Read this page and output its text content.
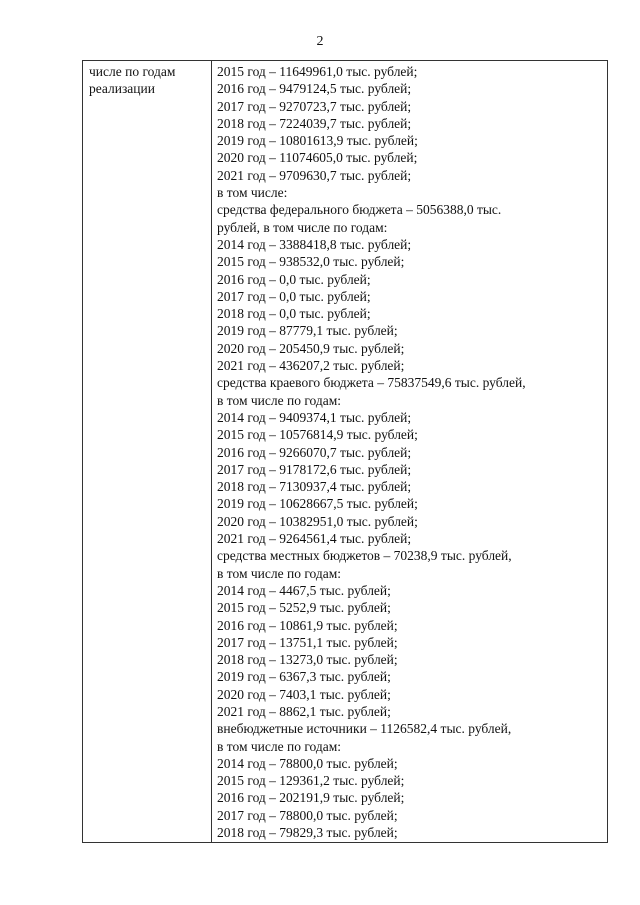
2
числе по годам
реализации
2015 год – 11649961,0 тыс. рублей;
2016 год – 9479124,5 тыс. рублей;
2017 год – 9270723,7 тыс. рублей;
2018 год – 7224039,7 тыс. рублей;
2019 год – 10801613,9 тыс. рублей;
2020 год – 11074605,0 тыс. рублей;
2021 год – 9709630,7 тыс. рублей;
в том числе:
средства федерального бюджета – 5056388,0 тыс.
рублей, в том числе по годам:
2014 год – 3388418,8 тыс. рублей;
2015 год – 938532,0 тыс. рублей;
2016 год – 0,0 тыс. рублей;
2017 год – 0,0 тыс. рублей;
2018 год – 0,0 тыс. рублей;
2019 год – 87779,1 тыс. рублей;
2020 год – 205450,9 тыс. рублей;
2021 год – 436207,2 тыс. рублей;
средства краевого бюджета – 75837549,6 тыс. рублей,
в том числе по годам:
2014 год – 9409374,1 тыс. рублей;
2015 год – 10576814,9 тыс. рублей;
2016 год – 9266070,7 тыс. рублей;
2017 год – 9178172,6 тыс. рублей;
2018 год – 7130937,4 тыс. рублей;
2019 год – 10628667,5 тыс. рублей;
2020 год – 10382951,0 тыс. рублей;
2021 год – 9264561,4 тыс. рублей;
средства местных бюджетов – 70238,9 тыс. рублей,
в том числе по годам:
2014 год – 4467,5 тыс. рублей;
2015 год – 5252,9 тыс. рублей;
2016 год – 10861,9 тыс. рублей;
2017 год – 13751,1 тыс. рублей;
2018 год – 13273,0 тыс. рублей;
2019 год – 6367,3 тыс. рублей;
2020 год – 7403,1 тыс. рублей;
2021 год – 8862,1 тыс. рублей;
внебюджетные источники – 1126582,4 тыс. рублей,
в том числе по годам:
2014 год – 78800,0 тыс. рублей;
2015 год – 129361,2 тыс. рублей;
2016 год – 202191,9 тыс. рублей;
2017 год – 78800,0 тыс. рублей;
2018 год – 79829,3 тыс. рублей;
